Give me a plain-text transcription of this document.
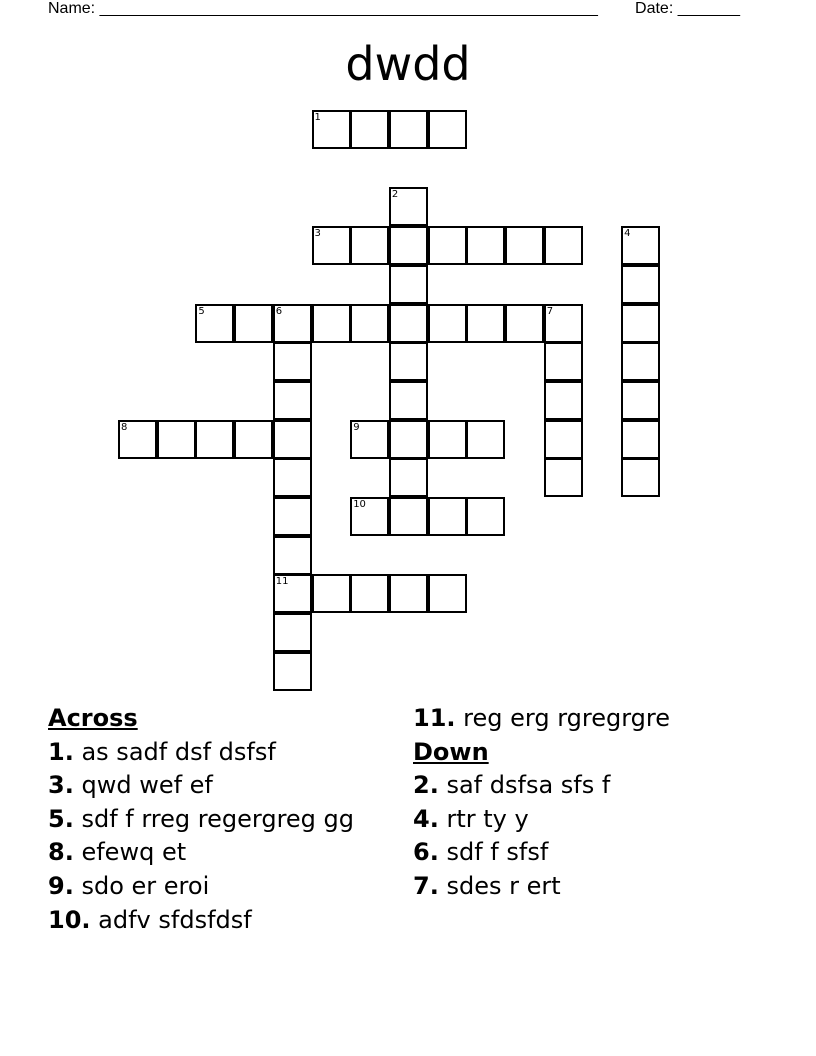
Name: ________________________________________________________ Date: _______
dwdd
1
2
3	4
5	6	7
11
8	9
10
Across
1. as sadf dsf dsfsf
3. qwd wef ef
5. sdf f rreg regergreg gg
8. efewq et
9. sdo er eroi
10. adfv sfdsfdsf
11. reg erg rgregrgre
Down
2. saf dsfsa sfs f
4. rtr ty y
6. sdf f sfsf
7. sdes r ert
